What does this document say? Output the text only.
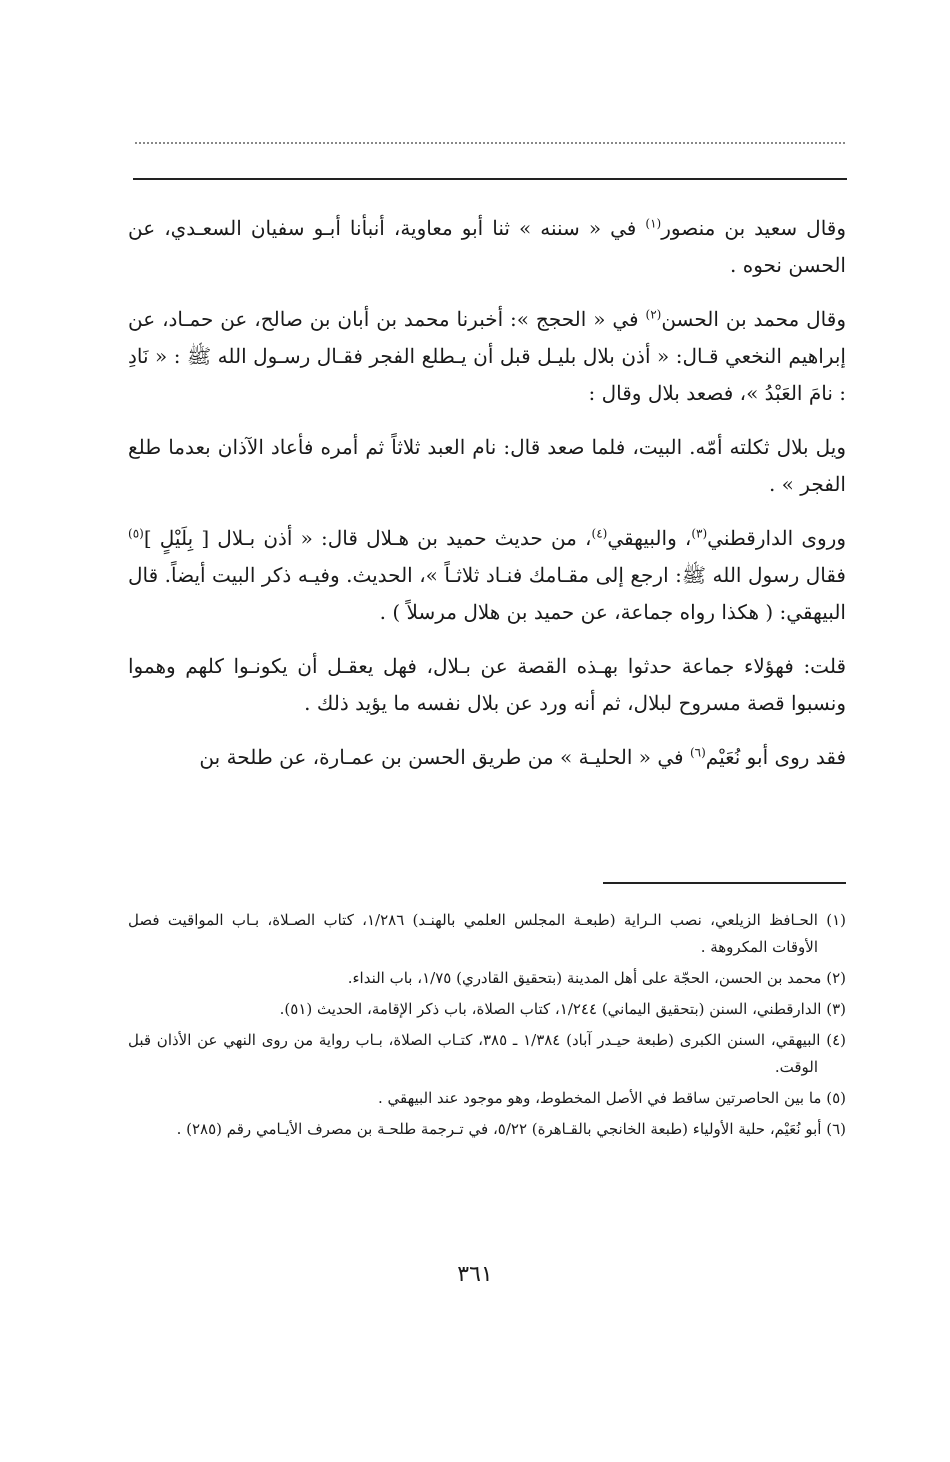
وقال سعيد بن منصور$^{(١)}$ في « سننه » ثنا أبو معاوية، أنبأنا أبـو سفيان السعـدي، عن الحسن نحوه .

وقال محمد بن الحسن$^{(٢)}$ في « الحجج »: أخبرنا محمد بن أبان بن صالح، عن حمـاد، عن إبراهيم النخعي قـال: « أذن بلال بليـل قبل أن يـطلع الفجر فقـال رسـول الله ﷺ : « نَادِ : نامَ العَبْدُ »، فصعد بلال وقال :

ويل بلال ثكلته أمّه. البيت، فلما صعد قال: نام العبد ثلاثاً ثم أمره فأعاد الآذان بعدما طلع الفجر » .

وروى الدارقطني$^{(٣)}$، والبيهقي$^{(٤)}$، من حديث حميد بن هـلال قال: « أذن بـلال [ بِلَيْلٍ ]$^{(٥)}$ فقال رسول الله ﷺ: ارجع إلى مقـامك فنـاد ثلاثـاً »، الحديث. وفيـه ذكر البيت أيضاً. قال البيهقي: ( هكذا رواه جماعة، عن حميد بن هلال مرسلاً ) .

قلت: فهؤلاء جماعة حدثوا بهـذه القصة عن بـلال، فهل يعقـل أن يكونـوا كلهم وهموا ونسبوا قصة مسروح لبلال، ثم أنه ورد عن بلال نفسه ما يؤيد ذلك .

فقد روى أبو نُعَيْم$^{(٦)}$ في « الحليـة » من طريق الحسن بن عمـارة، عن طلحة بن

(١) الحـافظ الزيلعي، نصب الـراية (طبعـة المجلس العلمي بالهنـد) ١/٢٨٦، كتاب الصـلاة، بـاب المواقيت فصل الأوقات المكروهة .

(٢) محمد بن الحسن، الحجّة على أهل المدينة (بتحقيق القادري) ١/٧٥، باب النداء.

(٣) الدارقطني، السنن (بتحقيق اليماني) ١/٢٤٤، كتاب الصلاة، باب ذكر الإقامة، الحديث (٥١).

(٤) البيهقي، السنن الكبرى (طبعة حيـدر آباد) ١/٣٨٤ ـ ٣٨٥، كتـاب الصلاة، بـاب رواية من روى النهي عن الأذان قبل الوقت.

(٥) ما بين الحاصرتين ساقط في الأصل المخطوط، وهو موجود عند البيهقي .

(٦) أبو نُعَيْم، حلية الأولياء (طبعة الخانجي بالقـاهرة) ٥/٢٢، في تـرجمة طلحـة بن مصرف الأيـامي رقم (٢٨٥) .

٣٦١
